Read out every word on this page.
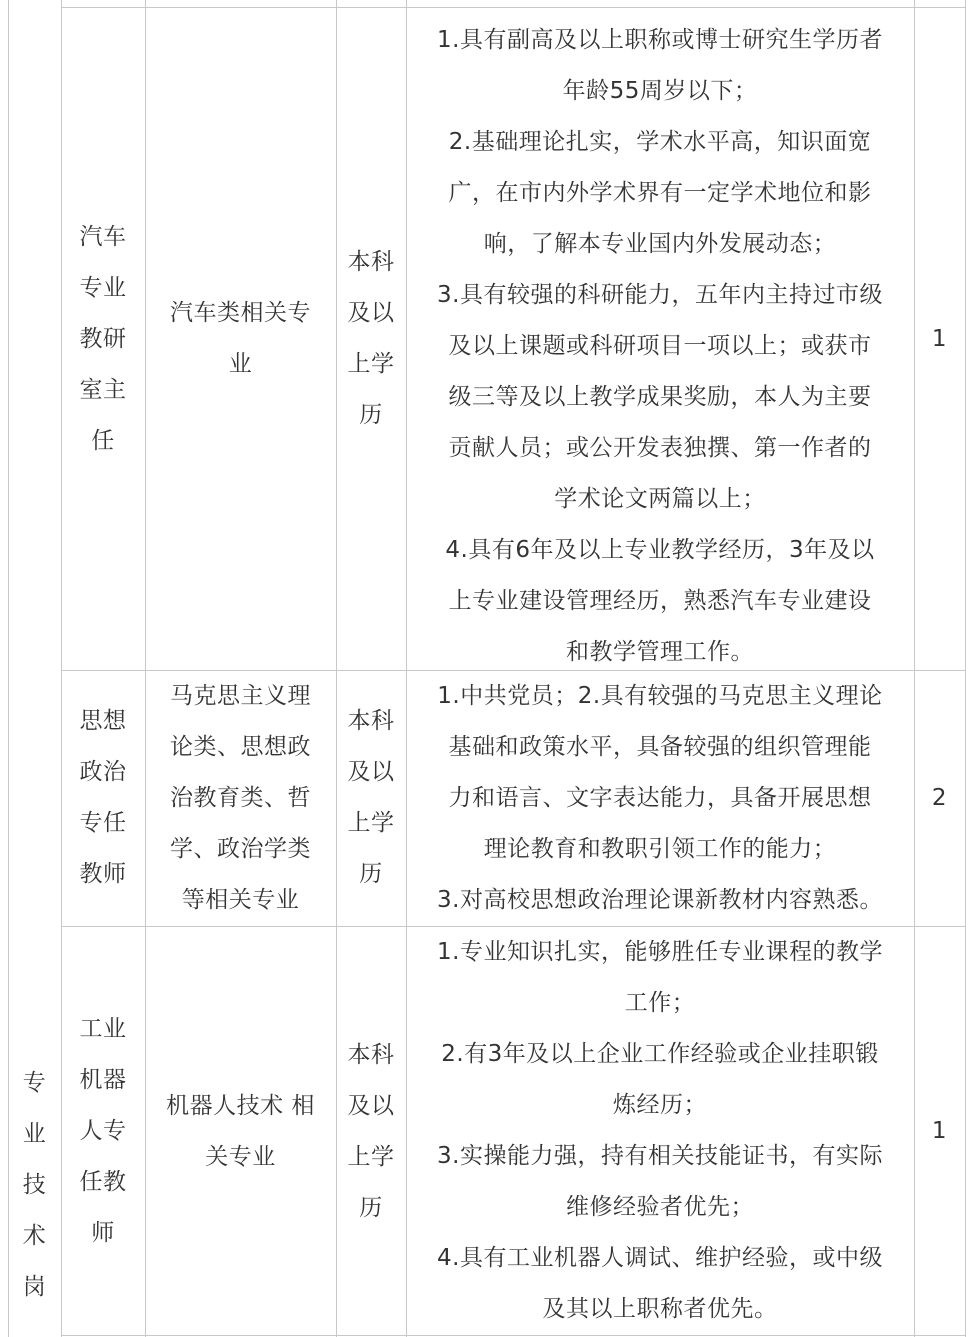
专
业
技
术
岗
汽车
专业
教研
室主
任
汽车类相关专
业
本科
及以
上学
历
1.具有副高及以上职称或博士研究生学历者
年龄55周岁以下；
2.基础理论扎实，学术水平高，知识面宽
广，在市内外学术界有一定学术地位和影
响，了解本专业国内外发展动态；
3.具有较强的科研能力，五年内主持过市级
及以上课题或科研项目一项以上；或获市
级三等及以上教学成果奖励，本人为主要
贡献人员；或公开发表独撰、第一作者的
学术论文两篇以上；
4.具有6年及以上专业教学经历，3年及以
上专业建设管理经历，熟悉汽车专业建设
和教学管理工作。
1
思想
政治
专任
教师
马克思主义理
论类、思想政
治教育类、哲
学、政治学类
等相关专业
本科
及以
上学
历
1.中共党员；2.具有较强的马克思主义理论
基础和政策水平，具备较强的组织管理能
力和语言、文字表达能力，具备开展思想
理论教育和教职引领工作的能力；
3.对高校思想政治理论课新教材内容熟悉。
2
工业
机器
人专
任教
师
机器人技术 相
关专业
本科
及以
上学
历
1.专业知识扎实，能够胜任专业课程的教学
工作；
2.有3年及以上企业工作经验或企业挂职锻
炼经历；
3.实操能力强，持有相关技能证书，有实际
维修经验者优先；
4.具有工业机器人调试、维护经验，或中级
及其以上职称者优先。
1
